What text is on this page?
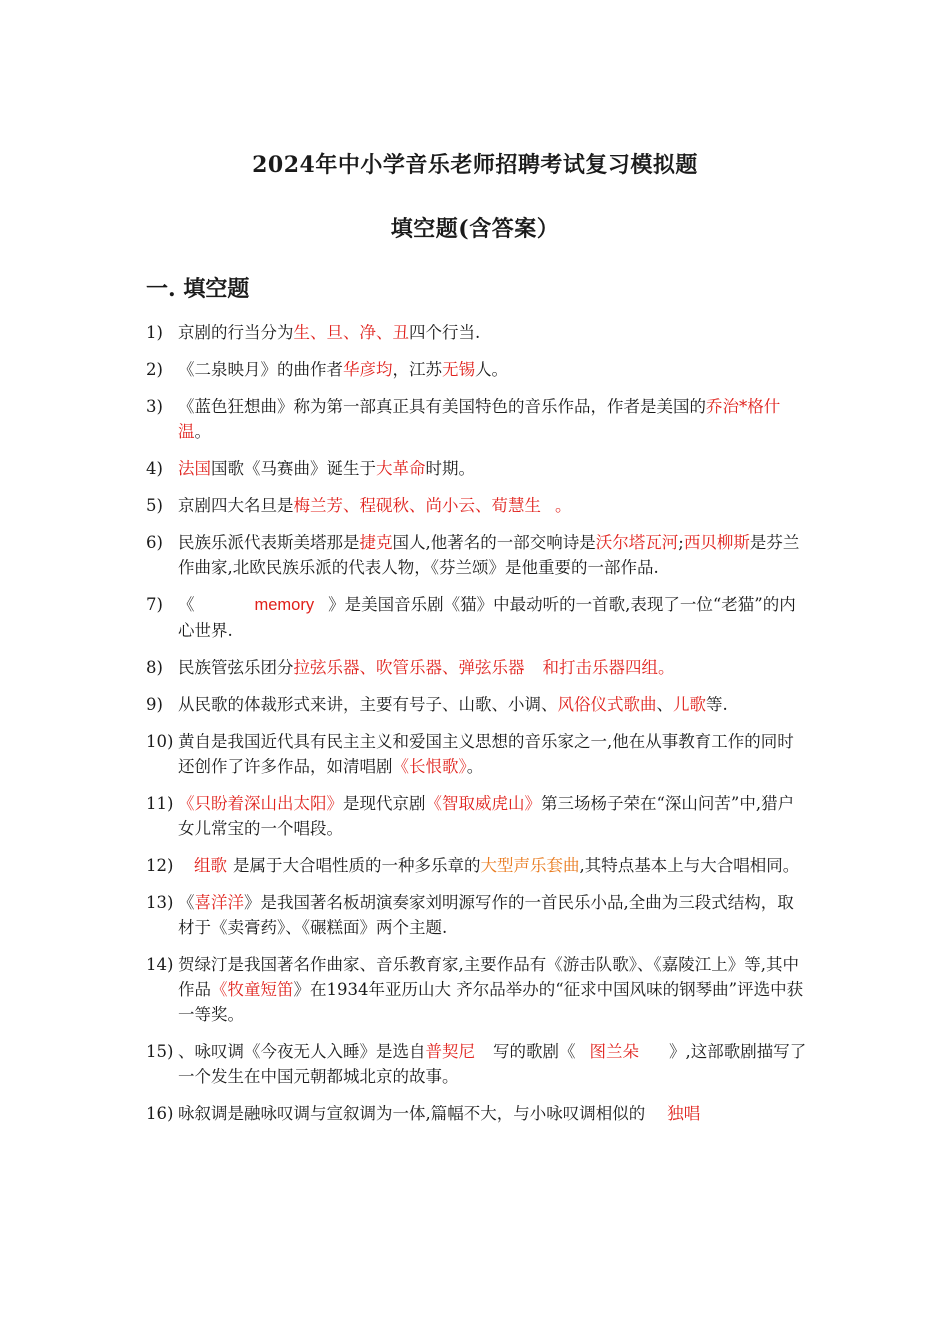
2024年中小学音乐老师招聘考试复习模拟题
填空题(含答案）
一. 填空题
1) 京剧的行当分为生、旦、净、丑四个行当.
2) 《二泉映月》的曲作者华彦均，江苏无锡人。
3) 《蓝色狂想曲》称为第一部真正具有美国特色的音乐作品，作者是美国的乔治*格什温。
4) 法国国歌《马赛曲》诞生于大革命时期。
5) 京剧四大名旦是梅兰芳、程砚秋、尚小云、荀慧生 。
6) 民族乐派代表斯美塔那是捷克国人,他著名的一部交响诗是沃尔塔瓦河;西贝柳斯是芬兰作曲家,北欧民族乐派的代表人物，《芬兰颂》是他重要的一部作品.
7) 《	memory 》是美国音乐剧《猫》中最动听的一首歌,表现了一位“老猫”的内心世界.
8) 民族管弦乐团分拉弦乐器、吹管乐器、弹弦乐器 和打击乐器四组。
9) 从民歌的体裁形式来讲，主要有号子、山歌、小调、风俗仪式歌曲、儿歌等.
10) 黄自是我国近代具有民主主义和爱国主义思想的音乐家之一,他在从事教育工作的同时还创作了许多作品，如清唱剧《长恨歌》。
11) 《只盼着深山出太阳》是现代京剧《智取威虎山》第三场杨子荣在“深山问苦”中,猎户女儿常宝的一个唱段。
12) 组歌 是属于大合唱性质的一种多乐章的大型声乐套曲,其特点基本上与大合唱相同。
13) 《喜洋洋》是我国著名板胡演奏家刘明源写作的一首民乐小品,全曲为三段式结构，取材于《卖膏药》、《碾糕面》两个主题.
14) 贺绿汀是我国著名作曲家、音乐教育家,主要作品有《游击队歌》、《嘉陵江上》等,其中作品《牧童短笛》在1934年亚历山大 齐尔品举办的“征求中国风味的钢琴曲”评选中获一等奖。
15) 、咏叹调《今夜无人入睡》是选自普契尼 写的歌剧《 图兰朵 》,这部歌剧描写了一个发生在中国元朝都城北京的故事。
16) 咏叙调是融咏叹调与宣叙调为一体,篇幅不大，与小咏叹调相似的 独唱
